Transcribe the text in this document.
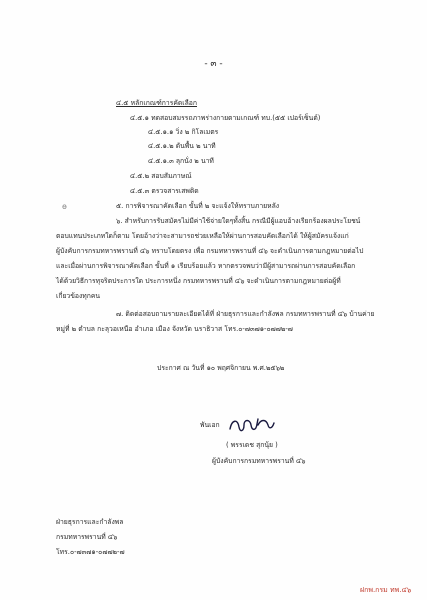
- ๓ -
๔.๕ หลักเกณฑ์การคัดเลือก
๔.๕.๑ ทดสอบสมรรถภาพร่างกายตามเกณฑ์ ทบ.(๕๕ เปอร์เซ็นต์)
๔.๕.๑.๑ วิ่ง ๒ กิโลเมตร
๔.๕.๑.๒ ดันพื้น ๒ นาที
๔.๕.๑.๓ ลุกนั่ง ๒ นาที
๔.๕.๒ สอบสัมภาษณ์
๔.๕.๓ ตรวจสารเสพติด
ɵ	๕. การพิจารณาคัดเลือก ขั้นที่ ๒ จะแจ้งให้ทราบภายหลัง
๖. สำหรับการรับสมัครไม่มีค่าใช้จ่ายใดๆทั้งสิ้น กรณีมีผู้แอบอ้างเรียกร้องผลประโยชน์
ตอบแทนประเภทใดก็ตาม โดยอ้างว่าจะสามารถช่วยเหลือให้ผ่านการสอบคัดเลือกได้ ให้ผู้สมัครแจ้งแก่
ผู้บังคับการกรมทหารพรานที่ ๔๖ ทราบโดยตรง เพื่อ กรมทหารพรานที่ ๔๖ จะดำเนินการตามกฎหมายต่อไป
และเมื่อผ่านการพิจารณาคัดเลือก ขั้นที่ ๑ เรียบร้อยแล้ว หากตรวจพบว่ามีผู้สามารถผ่านการสอบคัดเลือก
ได้ด้วยวิธีการทุจริตประการใด ประการหนึ่ง กรมทหารพรานที่ ๔๖ จะดำเนินการตามกฎหมายต่อผู้ที่
เกี่ยวข้องทุกคน
๗. ติดต่อสอบถามรายละเอียดได้ที่ ฝ่ายธุรการและกำลังพล กรมทหารพรานที่ ๔๖ บ้านค่าย
หมู่ที่ ๒ ตำบล กะลุวอเหนือ อำเภอ เมือง จังหวัด นราธิวาส โทร.๐-๗๓๗๑-๐๗๗๒-๗
ประกาศ ณ วันที่ ๑๐ พฤศจิกายน พ.ศ.๒๕๖๒
พันเอก
( พรรเดช สุกนุ้ย )
ผู้บังคับการกรมทหารพรานที่ ๔๖
ฝ่ายธุรการและกำลังพล
กรมทหารพรานที่ ๔๖
โทร.๐-๗๓๗๑-๐๗๗๒-๗
ฝกพ.กรม ทพ.๔๖
